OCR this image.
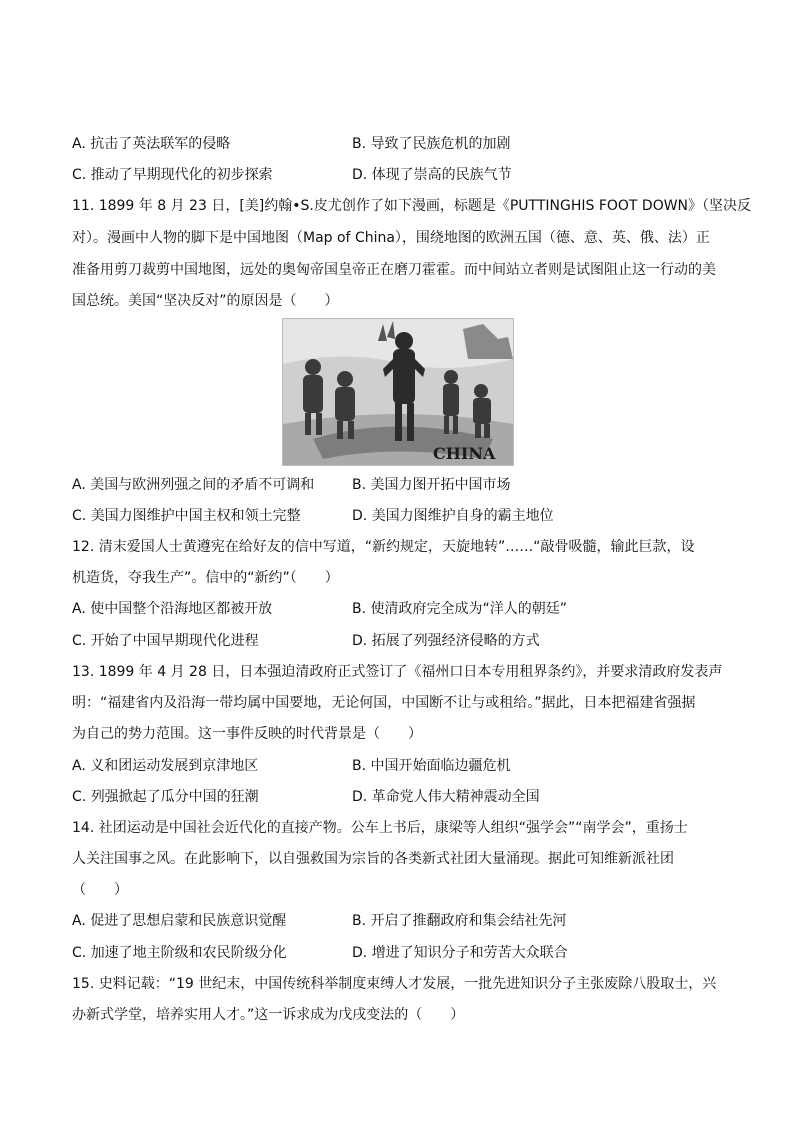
A. 抗击了英法联军的侵略	B. 导致了民族危机的加剧
C. 推动了早期现代化的初步探索	D. 体现了崇高的民族气节
11. 1899 年 8 月 23 日，[美]约翰•S.皮尤创作了如下漫画，标题是《PUTTINGHIS FOOT DOWN》（坚决反
对）。漫画中人物的脚下是中国地图（Map of China），围绕地图的欧洲五国（德、意、英、俄、法）正
准备用剪刀裁剪中国地图，远处的奥匈帝国皇帝正在磨刀霍霍。而中间站立者则是试图阻止这一行动的美
国总统。美国“坚决反对”的原因是（　　）
CHINA
A. 美国与欧洲列强之间的矛盾不可调和	B. 美国力图开拓中国市场
C. 美国力图维护中国主权和领土完整	D. 美国力图维护自身的霸主地位
12. 清末爱国人士黄遵宪在给好友的信中写道，“新约规定，天旋地转”……“敲骨吸髓，输此巨款，设
机造货，夺我生产”。信中的“新约”（　　）
A. 使中国整个沿海地区都被开放	B. 使清政府完全成为“洋人的朝廷”
C. 开始了中国早期现代化进程	D. 拓展了列强经济侵略的方式
13. 1899 年 4 月 28 日，日本强迫清政府正式签订了《福州口日本专用租界条约》，并要求清政府发表声
明：“福建省内及沿海一带均属中国要地，无论何国，中国断不让与或租给。”据此，日本把福建省强据
为自己的势力范围。这一事件反映的时代背景是（　　）
A. 义和团运动发展到京津地区	B. 中国开始面临边疆危机
C. 列强掀起了瓜分中国的狂潮	D. 革命党人伟大精神震动全国
14. 社团运动是中国社会近代化的直接产物。公车上书后，康梁等人组织“强学会”“南学会”，重扬士
人关注国事之风。在此影响下，以自强救国为宗旨的各类新式社团大量涌现。据此可知维新派社团
（　　）
A. 促进了思想启蒙和民族意识觉醒	B. 开启了推翻政府和集会结社先河
C. 加速了地主阶级和农民阶级分化	D. 增进了知识分子和劳苦大众联合
15. 史料记载：“19 世纪末，中国传统科举制度束缚人才发展，一批先进知识分子主张废除八股取士，兴
办新式学堂，培养实用人才。”这一诉求成为戊戌变法的（　　）
